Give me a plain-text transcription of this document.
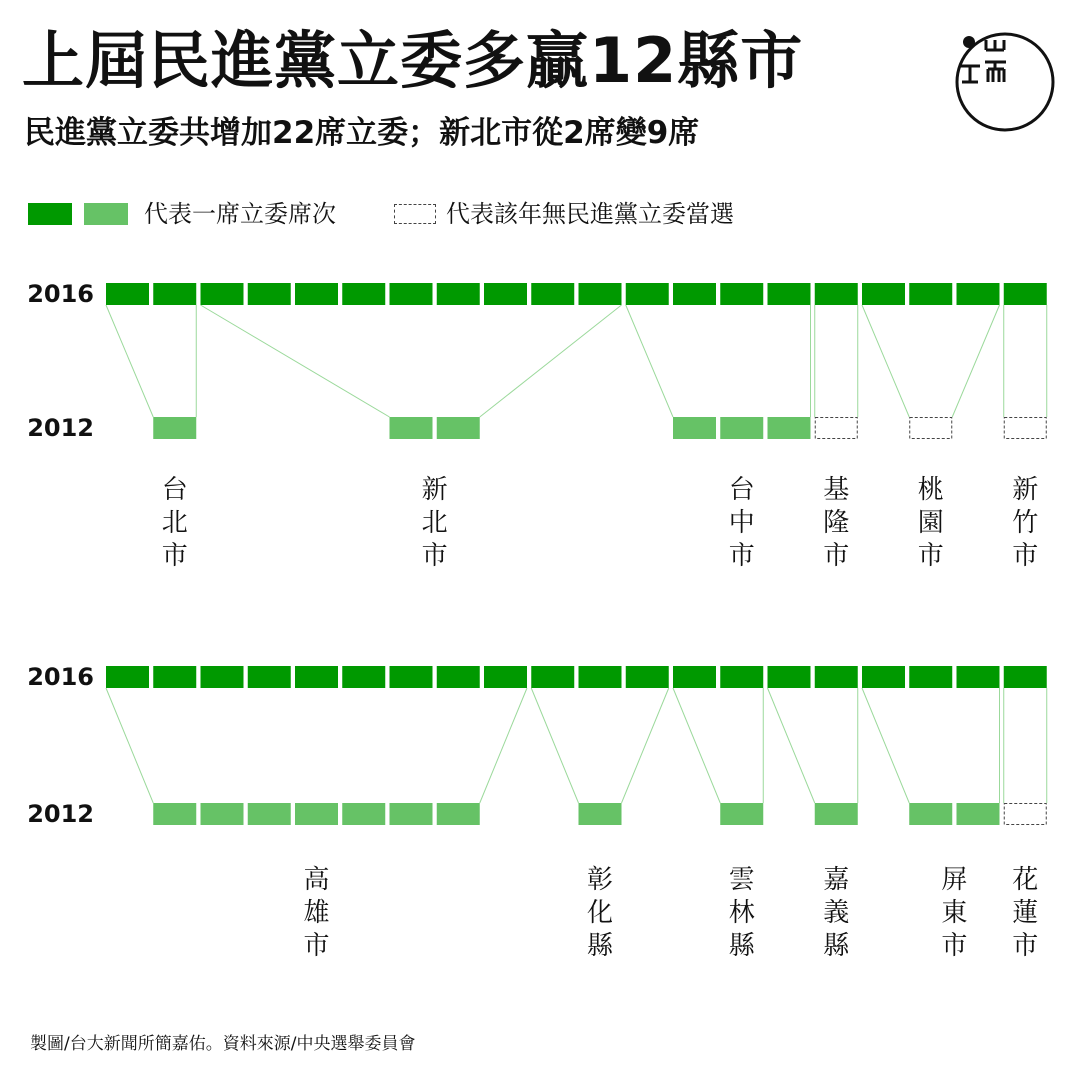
上屆民進黨立委多贏12縣市
民進黨立委共增加22席立委；新北市從2席變9席
代表一席立委席次	代表該年無民進黨立委當選
2016
2012
台
北
市
新
北
市
台
中
市
基
隆
市
桃
園
市
新
竹
市
2016
2012
高
雄
市
彰
化
縣
雲
林
縣
嘉
義
縣
屏
東
市
花
蓮
市
製圖/台大新聞所簡嘉佑。資料來源/中央選舉委員會
